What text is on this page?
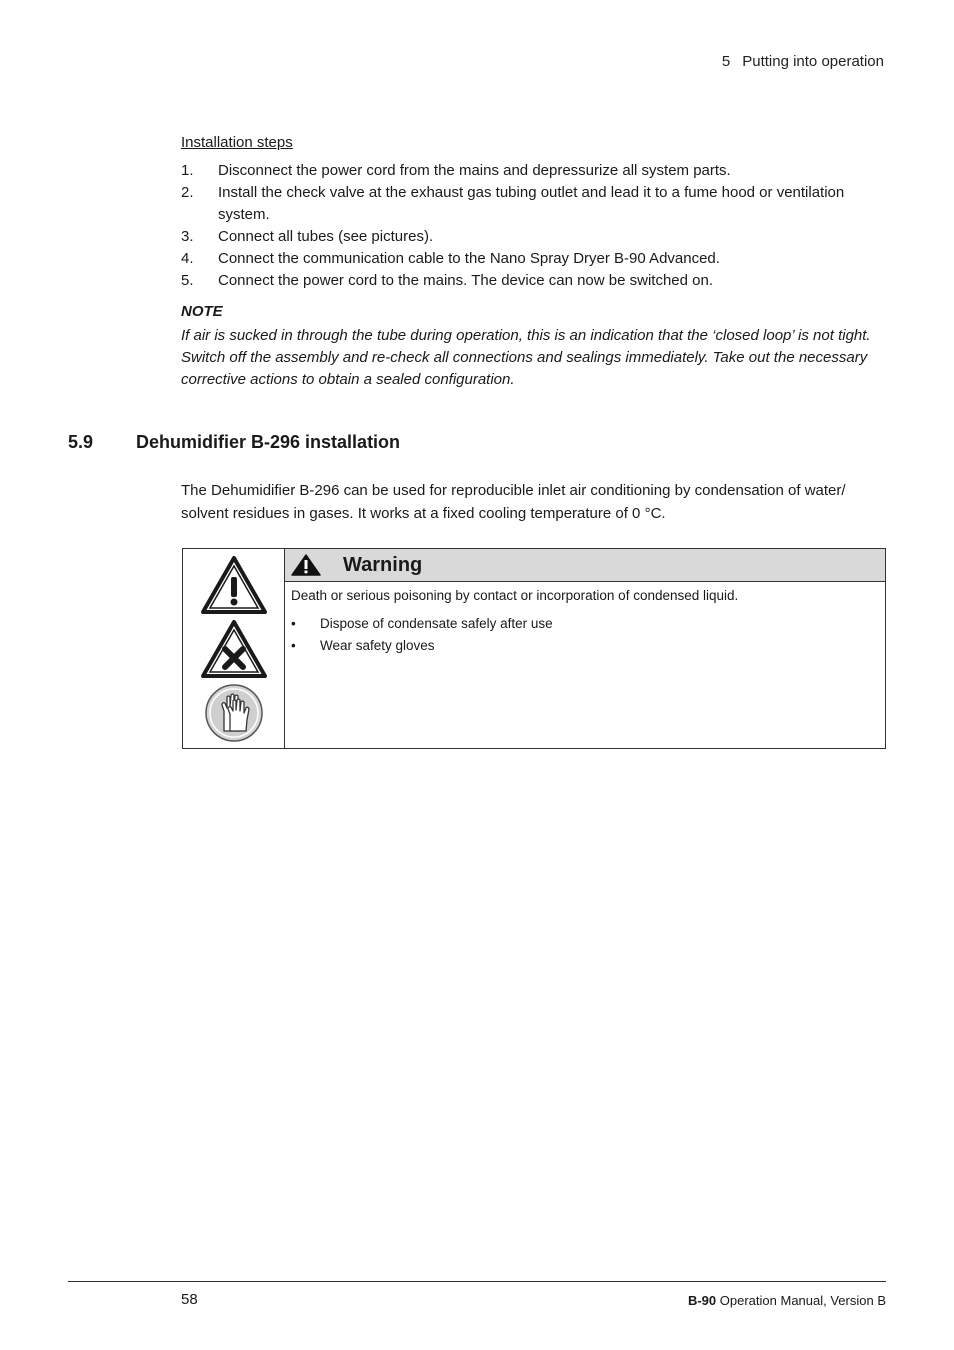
5 Putting into operation
Installation steps
1.	Disconnect the power cord from the mains and depressurize all system parts.
2.	Install the check valve at the exhaust gas tubing outlet and lead it to a fume hood or ventilation system.
3.	Connect all tubes (see pictures).
4.	Connect the communication cable to the Nano Spray Dryer B-90 Advanced.
5.	Connect the power cord to the mains. The device can now be switched on.
NOTE

If air is sucked in through the tube during operation, this is an indication that the ‘closed loop’ is not tight. Switch off the assembly and re-check all connections and sealings immediately. Take out the necessary corrective actions to obtain a sealed configuration.

5.9	Dehumidifier B-296 installation

The Dehumidifier B-296 can be used for reproducible inlet air conditioning by condensation of water/ solvent residues in gases. It works at a fixed cooling temperature of 0 °C.

Warning
Death or serious poisoning by contact or incorporation of condensed liquid.
•	Dispose of condensate safely after use
•	Wear safety gloves
58	B-90 Operation Manual, Version B
